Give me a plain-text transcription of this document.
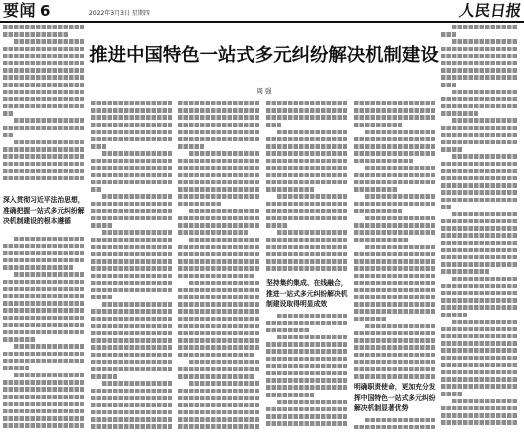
要闻 6	2022年3月3日 星期四	人民日报
推进中国特色一站式多元纠纷解决机制建设
周 强
深入贯彻习近平法治思想，准确把握一站式多元纠纷解决机制建设的根本遵循
坚持集约集成、在线融合，推进一站式多元纠纷解决机制建设取得明显成效
明确职责使命，更加充分发挥中国特色一站式多元纠纷解决机制显著优势
